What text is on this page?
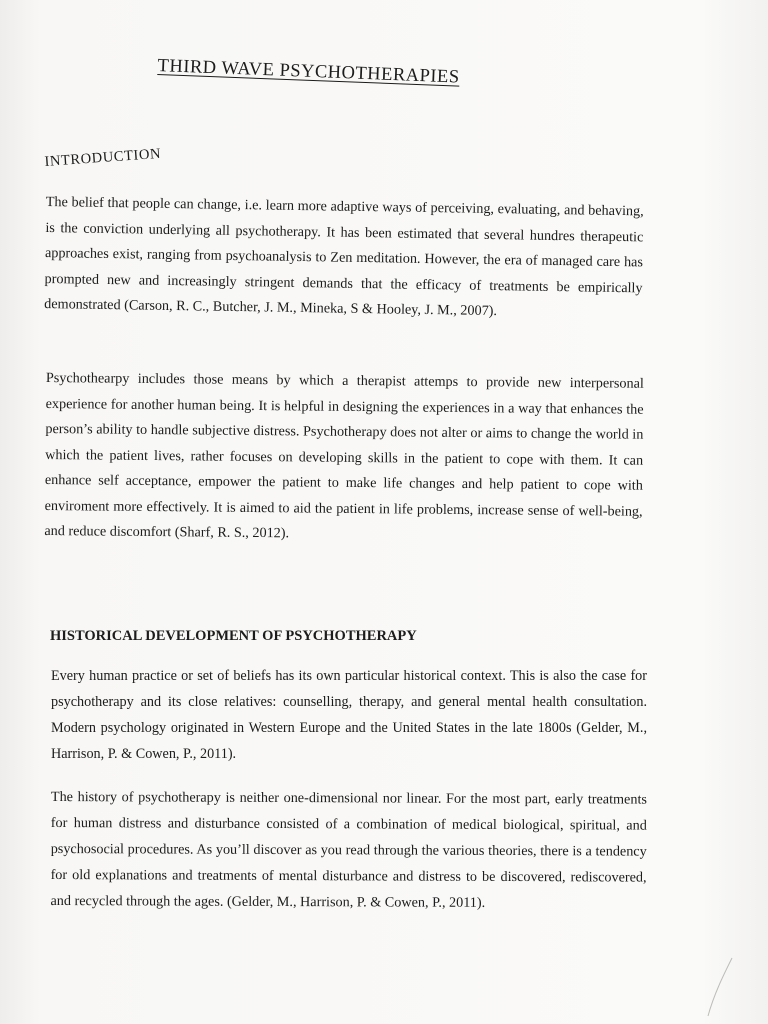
THIRD WAVE PSYCHOTHERAPIES
INTRODUCTION

The belief that people can change, i.e. learn more adaptive ways of perceiving, evaluating, and behaving, is the conviction underlying all psychotherapy. It has been estimated that several hundres therapeutic approaches exist, ranging from psychoanalysis to Zen meditation. However, the era of managed care has prompted new and increasingly stringent demands that the efficacy of treatments be empirically demonstrated (Carson, R. C., Butcher, J. M., Mineka, S & Hooley, J. M., 2007).

Psychothearpy includes those means by which a therapist attemps to provide new interpersonal experience for another human being. It is helpful in designing the experiences in a way that enhances the person’s ability to handle subjective distress. Psychotherapy does not alter or aims to change the world in which the patient lives, rather focuses on developing skills in the patient to cope with them. It can enhance self acceptance, empower the patient to make life changes and help patient to cope with enviroment more effectively. It is aimed to aid the patient in life problems, increase sense of well-being, and reduce discomfort (Sharf, R. S., 2012).

HISTORICAL DEVELOPMENT OF PSYCHOTHERAPY

Every human practice or set of beliefs has its own particular historical context. This is also the case for psychotherapy and its close relatives: counselling, therapy, and general mental health consultation. Modern psychology originated in Western Europe and the United States in the late 1800s (Gelder, M., Harrison, P. & Cowen, P., 2011).

The history of psychotherapy is neither one-dimensional nor linear. For the most part, early treatments for human distress and disturbance consisted of a combination of medical biological, spiritual, and psychosocial procedures. As you’ll discover as you read through the various theories, there is a tendency for old explanations and treatments of mental disturbance and distress to be discovered, rediscovered, and recycled through the ages. (Gelder, M., Harrison, P. & Cowen, P., 2011).
